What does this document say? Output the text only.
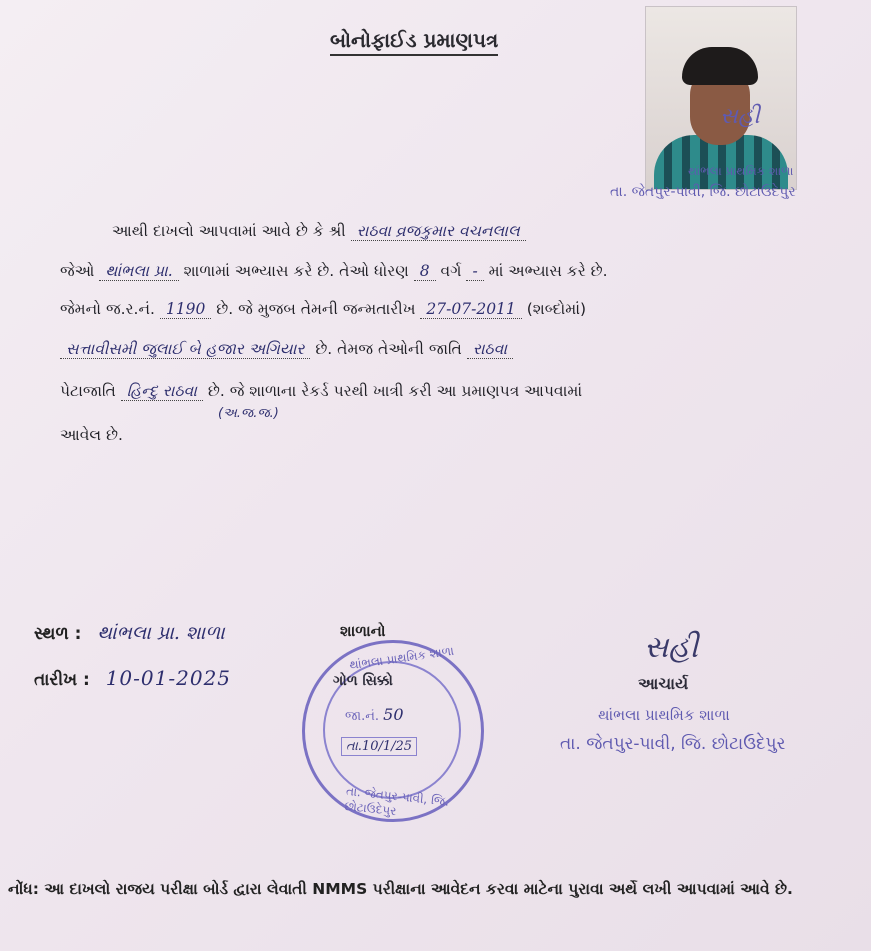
બોનોફાઈડ પ્રમાણપત્ર
સહી
થાંભલા પ્રાથમિક શાળા
તા. જેતપુર-પાવી, જિ. છોટાઉદેપુર
આથી દાખલો આપવામાં આવે છે કે શ્રી રાઠવા વ્રજકુમાર વચનલાલ
જેઓ થાંભલા પ્રા. શાળામાં અભ્યાસ કરે છે. તેઓ ધોરણ 8 વર્ગ - માં અભ્યાસ કરે છે.
જેમનો જ.ર.નં. 1190 છે. જે મુજબ તેમની જન્મતારીખ 27-07-2011 (શબ્દોમાં)
સત્તાવીસમી જુલાઈ બે હજાર અગિયાર છે. તેમજ તેઓની જાતિ રાઠવા
પેટાજાતિ હિન્દુ રાઠવા છે. જે શાળાના રેકર્ડ પરથી ખાત્રી કરી આ પ્રમાણપત્ર આપવામાં
(અ.જ.જ.)
આવેલ છે.
સ્થળ : થાંભલા પ્રા. શાળા
તારીખ : 10-01-2025
શાળાનો
થાંભલા પ્રાથમિક શાળા
ગોળ સિક્કો
જા.નં. 50
તા.10/1/25
તા. જેતપુર-પાવી, જિ. છોટાઉદેપુર
સહી
આચાર્ય
થાંભલા પ્રાથમિક શાળા
તા. જેતપુર-પાવી, જિ. છોટાઉદેપુર
નોંધ: આ દાખલો રાજય પરીક્ષા બોર્ડ દ્વારા લેવાતી NMMS પરીક્ષાના આવેદન કરવા માટેના પુરાવા અર્થે લખી આપવામાં આવે છે.
